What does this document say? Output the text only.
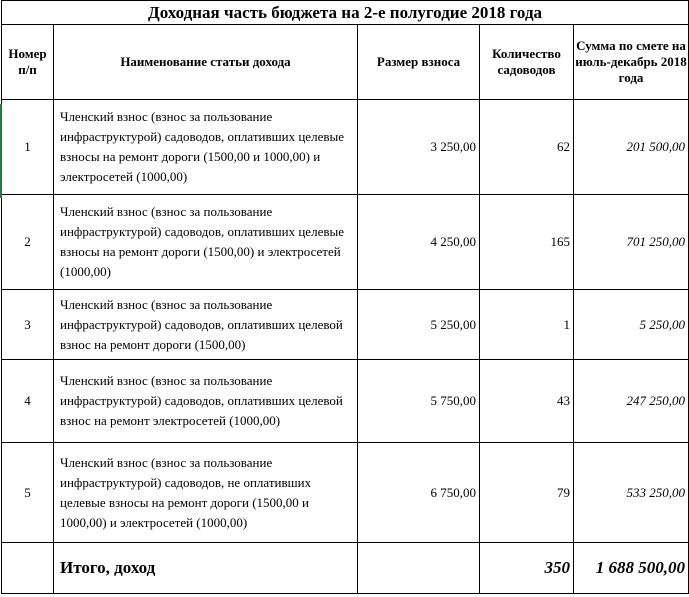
Доходная часть бюджета на 2-е полугодие 2018 года				
Номер п/п	Наименование статьи дохода	Размер взноса	Количество садоводов	Сумма по смете на июль-декабрь 2018 года
1	Членский взнос (взнос за пользование инфраструктурой) садоводов, оплативших целевые взносы на ремонт дороги (1500,00 и 1000,00) и электросетей (1000,00)	3 250,00	62	201 500,00
2	Членский взнос (взнос за пользование инфраструктурой) садоводов, оплативших целевые взносы на ремонт дороги (1500,00) и электросетей (1000,00)	4 250,00	165	701 250,00
3	Членский взнос (взнос за пользование инфраструктурой) садоводов, оплативших целевой взнос на ремонт дороги (1500,00)	5 250,00	1	5 250,00
4	Членский взнос (взнос за пользование инфраструктурой) садоводов, оплативших целевой взнос на ремонт электросетей (1000,00)	5 750,00	43	247 250,00
5	Членский взнос (взнос за пользование инфраструктурой) садоводов, не оплативших целевые взносы на ремонт дороги (1500,00 и 1000,00) и электросетей (1000,00)	6 750,00	79	533 250,00
	Итого, доход		350	1 688 500,00
